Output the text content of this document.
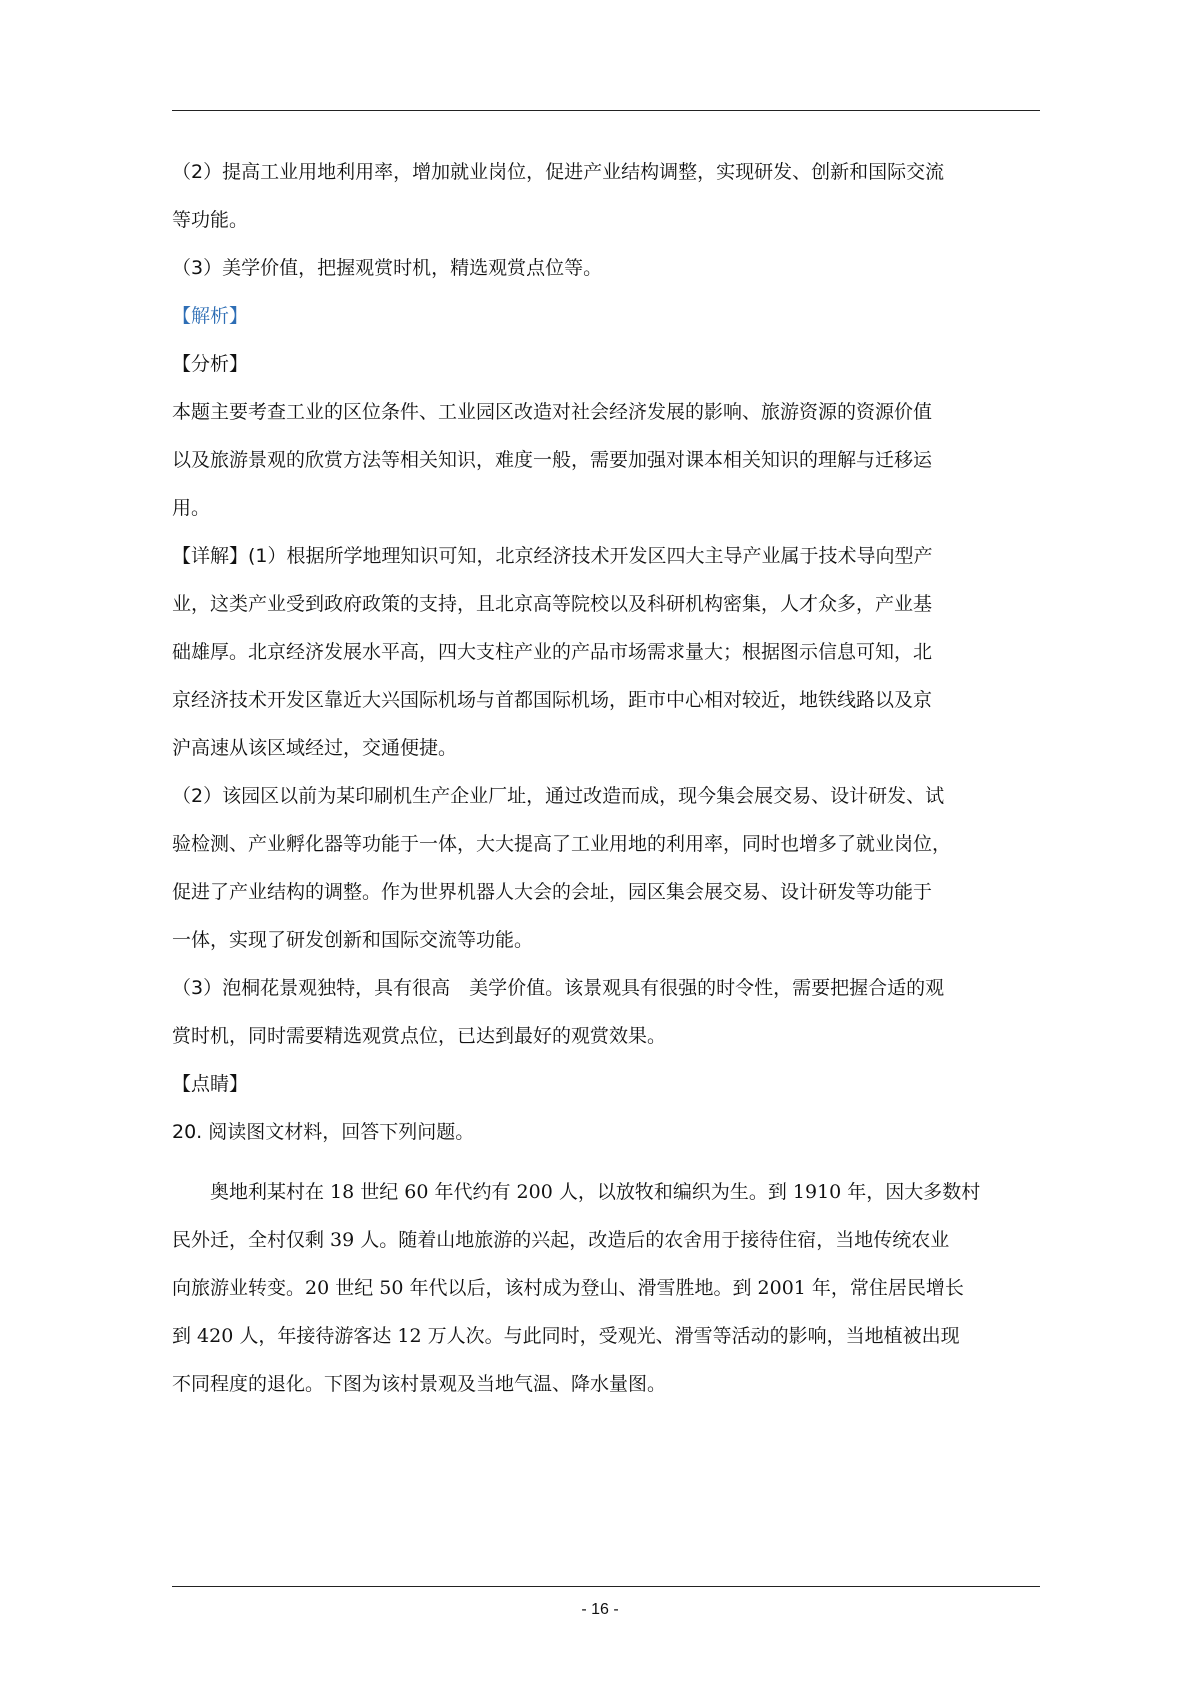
（2）提高工业用地利用率，增加就业岗位，促进产业结构调整，实现研发、创新和国际交流
等功能。
（3）美学价值，把握观赏时机，精选观赏点位等。
【解析】
【分析】
本题主要考查工业的区位条件、工业园区改造对社会经济发展的影响、旅游资源的资源价值
以及旅游景观的欣赏方法等相关知识，难度一般，需要加强对课本相关知识的理解与迁移运
用。
【详解】(1）根据所学地理知识可知，北京经济技术开发区四大主导产业属于技术导向型产
业，这类产业受到政府政策的支持，且北京高等院校以及科研机构密集，人才众多，产业基
础雄厚。北京经济发展水平高，四大支柱产业的产品市场需求量大；根据图示信息可知，北
京经济技术开发区靠近大兴国际机场与首都国际机场，距市中心相对较近，地铁线路以及京
沪高速从该区域经过，交通便捷。
（2）该园区以前为某印刷机生产企业厂址，通过改造而成，现今集会展交易、设计研发、试
验检测、产业孵化器等功能于一体，大大提高了工业用地的利用率，同时也增多了就业岗位，
促进了产业结构的调整。作为世界机器人大会的会址，园区集会展交易、设计研发等功能于
一体，实现了研发创新和国际交流等功能。
（3）泡桐花景观独特，具有很高　美学价值。该景观具有很强的时令性，需要把握合适的观
赏时机，同时需要精选观赏点位，已达到最好的观赏效果。
【点睛】
20. 阅读图文材料，回答下列问题。
奥地利某村在 18 世纪 60 年代约有 200 人，以放牧和编织为生。到 1910 年，因大多数村
民外迁，全村仅剩 39 人。随着山地旅游的兴起，改造后的农舍用于接待住宿，当地传统农业
向旅游业转变。20 世纪 50 年代以后，该村成为登山、滑雪胜地。到 2001 年，常住居民增长
到 420 人，年接待游客达 12 万人次。与此同时，受观光、滑雪等活动的影响，当地植被出现
不同程度的退化。下图为该村景观及当地气温、降水量图。
- 16 -
